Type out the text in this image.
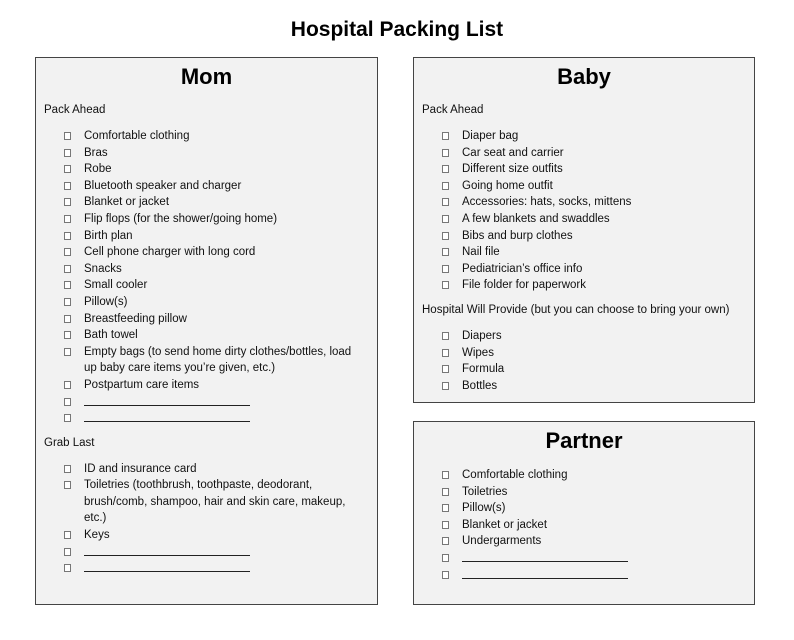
Hospital Packing List
Mom
Pack Ahead
Comfortable clothing
Bras
Robe
Bluetooth speaker and charger
Blanket or jacket
Flip flops (for the shower/going home)
Birth plan
Cell phone charger with long cord
Snacks
Small cooler
Pillow(s)
Breastfeeding pillow
Bath towel
Empty bags (to send home dirty clothes/bottles, load up baby care items you’re given, etc.)
Postpartum care items
Grab Last
ID and insurance card
Toiletries (toothbrush, toothpaste, deodorant, brush/comb, shampoo, hair and skin care, makeup, etc.)
Keys
Baby
Pack Ahead
Diaper bag
Car seat and carrier
Different size outfits
Going home outfit
Accessories: hats, socks, mittens
A few blankets and swaddles
Bibs and burp clothes
Nail file
Pediatrician’s office info
File folder for paperwork
Hospital Will Provide (but you can choose to bring your own)
Diapers
Wipes
Formula
Bottles
Partner
Comfortable clothing
Toiletries
Pillow(s)
Blanket or jacket
Undergarments
